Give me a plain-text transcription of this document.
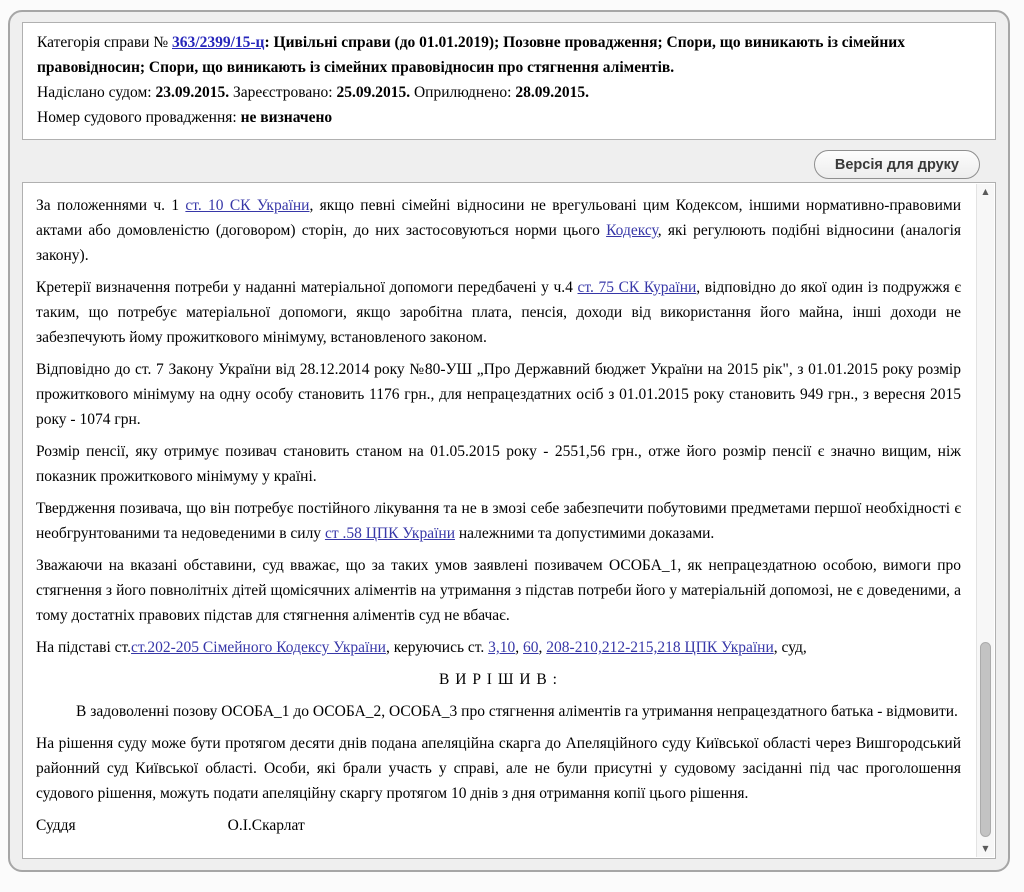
Категорія справи № 363/2399/15-ц: Цивільні справи (до 01.01.2019); Позовне провадження; Спори, що виникають із сімейних правовідносин; Спори, що виникають із сімейних правовідносин про стягнення аліментів.

Надіслано судом: 23.09.2015. Зареєстровано: 25.09.2015. Оприлюднено: 28.09.2015.

Номер судового провадження: не визначено

Версія для друку

За положеннями ч. 1 ст. 10 СК України, якщо певні сімейні відносини не врегульовані цим Кодексом, іншими нормативно-правовими актами або домовленістю (договором) сторін, до них застосовуються норми цього Кодексу, які регулюють подібні відносини (аналогія закону).

Кретерії визначення потреби у наданні матеріальної допомоги передбачені у ч.4 ст. 75 СК Кураїни, відповідно до якої один із подружжя є таким, що потребує матеріальної допомоги, якщо заробітна плата, пенсія, доходи від використання його майна, інші доходи не забезпечують йому прожиткового мінімуму, встановленого законом.

Відповідно до ст. 7 Закону України від 28.12.2014 року №80-УШ „Про Державний бюджет України на 2015 рік", з 01.01.2015 року розмір прожиткового мінімуму на одну особу становить 1176 грн., для непрацездатних осіб з 01.01.2015 року становить 949 грн., з вересня 2015 року - 1074 грн.

Розмір пенсії, яку отримує позивач становить станом на 01.05.2015 року - 2551,56 грн., отже його розмір пенсії є значно вищим, ніж показник прожиткового мінімуму у країні.

Твердження позивача, що він потребує постійного лікування та не в змозі себе забезпечити побутовими предметами першої необхідності є необгрунтованими та недоведеними в силу ст .58 ЦПК України належними та допустимими доказами.

Зважаючи на вказані обставини, суд вважає, що за таких умов заявлені позивачем ОСОБА_1, як непрацездатною особою, вимоги про стягнення з його повнолітніх дітей щомісячних аліментів на утримання з підстав потреби його у матеріальній допомозі, не є доведеними, а тому достатніх правових підстав для стягнення аліментів суд не вбачає.

На підставі ст.ст.202-205 Сімейного Кодексу України, керуючись ст. 3,10, 60, 208-210,212-215,218 ЦПК України, суд,

В И Р І Ш И В :

В задоволенні позову ОСОБА_1 до ОСОБА_2, ОСОБА_3 про стягнення аліментів га утримання непрацездатного батька - відмовити.

На рішення суду може бути протягом десяти днів подана апеляційна скарга до Апеляційного суду Київської області через Вишгородський районний суд Київської області. Особи, які брали участь у справі, але не були присутні у судовому засіданні під час проголошення судового рішення, можуть подати апеляційну скаргу протягом 10 днів з дня отримання копії цього рішення.

Суддя	О.І.Скарлат

▲
▼
